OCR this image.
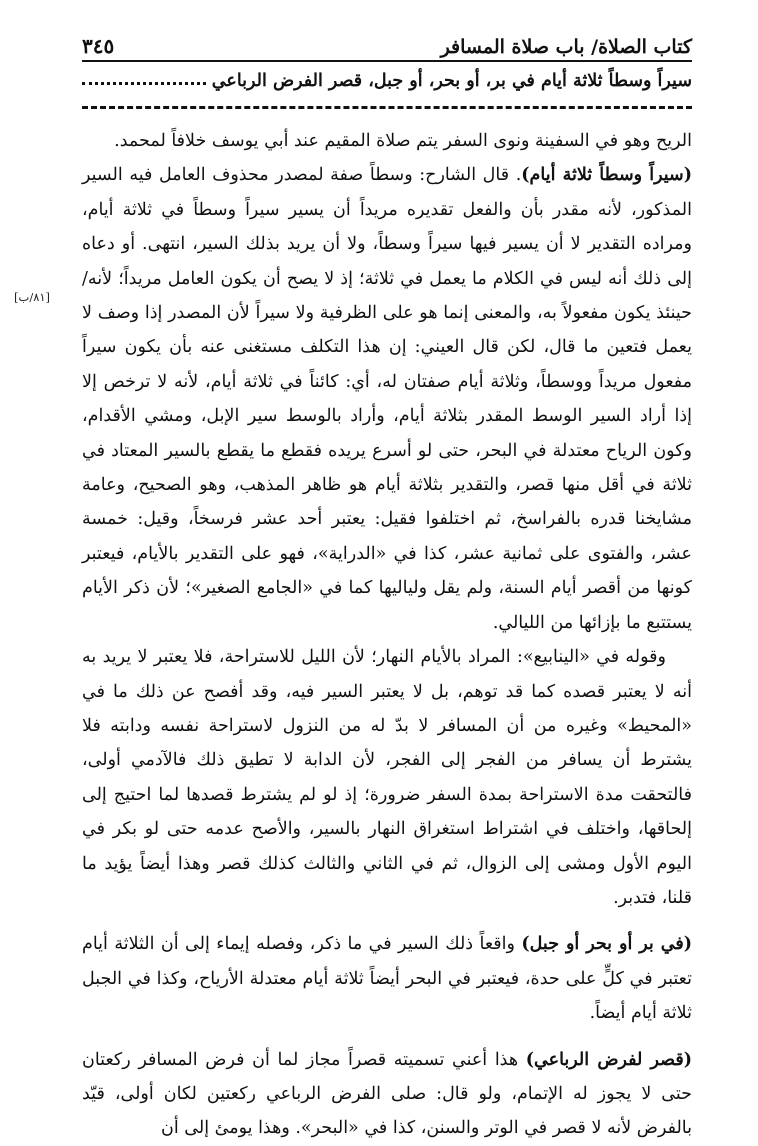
كتاب الصلاة/ باب صلاة المسافر
٣٤٥
سيراً وسطاً ثلاثة أيام في بر، أو بحر، أو جبل، قصر الفرض الرباعي
[٨١/ب]

الريح وهو في السفينة ونوى السفر يتم صلاة المقيم عند أبي يوسف خلافاً لمحمد.

(سيراً وسطاً ثلاثة أيام). قال الشارح: وسطاً صفة لمصدر محذوف العامل فيه السير المذكور، لأنه مقدر بأن والفعل تقديره مريداً أن يسير سيراً وسطاً في ثلاثة أيام، ومراده التقدير لا أن يسير فيها سيراً وسطاً، ولا أن يريد بذلك السير، انتهى. أو دعاه إلى ذلك أنه ليس في الكلام ما يعمل في ثلاثة؛ إذ لا يصح أن يكون العامل مريداً؛ لأنه/ حينئذ يكون مفعولاً به، والمعنى إنما هو على الظرفية ولا سيراً لأن المصدر إذا وصف لا يعمل فتعين ما قال، لكن قال العيني: إن هذا التكلف مستغنى عنه بأن يكون سيراً مفعول مريداً ووسطاً، وثلاثة أيام صفتان له، أي: كائناً في ثلاثة أيام، لأنه لا ترخص إلا إذا أراد السير الوسط المقدر بثلاثة أيام، وأراد بالوسط سير الإبل، ومشي الأقدام، وكون الرياح معتدلة في البحر، حتى لو أسرع يريده فقطع ما يقطع بالسير المعتاد في ثلاثة في أقل منها قصر، والتقدير بثلاثة أيام هو ظاهر المذهب، وهو الصحيح، وعامة مشايخنا قدره بالفراسخ، ثم اختلفوا فقيل: يعتبر أحد عشر فرسخاً، وقيل: خمسة عشر، والفتوى على ثمانية عشر، كذا في «الدراية»، فهو على التقدير بالأيام، فيعتبر كونها من أقصر أيام السنة، ولم يقل ولياليها كما في «الجامع الصغير»؛ لأن ذكر الأيام يستتبع ما بإزائها من الليالي.

وقوله في «الينابيع»: المراد بالأيام النهار؛ لأن الليل للاستراحة، فلا يعتبر لا يريد به أنه لا يعتبر قصده كما قد توهم، بل لا يعتبر السير فيه، وقد أفصح عن ذلك ما في «المحيط» وغيره من أن المسافر لا بدّ له من النزول لاستراحة نفسه ودابته فلا يشترط أن يسافر من الفجر إلى الفجر، لأن الدابة لا تطيق ذلك فالآدمي أولى، فالتحقت مدة الاستراحة بمدة السفر ضرورة؛ إذ لو لم يشترط قصدها لما احتيج إلى إلحاقها، واختلف في اشتراط استغراق النهار بالسير، والأصح عدمه حتى لو بكر في اليوم الأول ومشى إلى الزوال، ثم في الثاني والثالث كذلك قصر وهذا أيضاً يؤيد ما قلنا، فتدبر.

(في بر أو بحر أو جبل) واقعاً ذلك السير في ما ذكر، وفصله إيماء إلى أن الثلاثة أيام تعتبر في كلٍّ على حدة، فيعتبر في البحر أيضاً ثلاثة أيام معتدلة الأرياح، وكذا في الجبل ثلاثة أيام أيضاً.

(قصر لفرض الرباعي) هذا أعني تسميته قصراً مجاز لما أن فرض المسافر ركعتان حتى لا يجوز له الإتمام، ولو قال: صلى الفرض الرباعي ركعتين لكان أولى، قيّد بالفرض لأنه لا قصر في الوتر والسنن، كذا في «البحر». وهذا يومئ إلى أن
